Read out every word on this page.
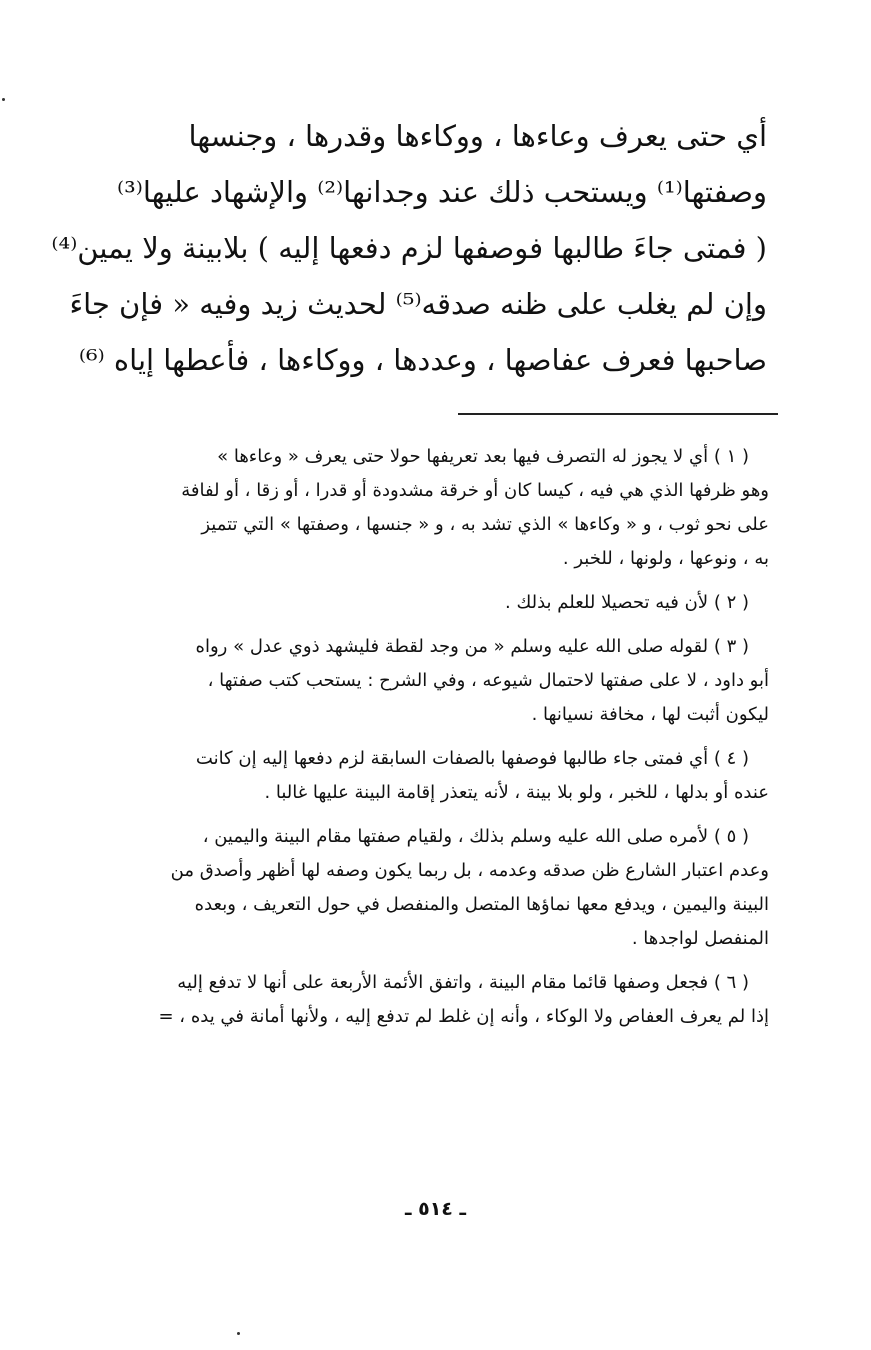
أي حتى يعرف وعاءها ، ووكاءها وقدرها ، وجنسها
وصفتها⁽¹⁾ ويستحب ذلك عند وجدانها⁽²⁾ والإشهاد عليها⁽³⁾
( فمتى جاءَ طالبها فوصفها لزم دفعها إليه ) بلابينة ولا يمين⁽⁴⁾
وإن لم يغلب على ظنه صدقه⁽⁵⁾ لحديث زيد وفيه « فإن جاءَ
صاحبها فعرف عفاصها ، وعددها ، ووكاءها ، فأعطها إياه ⁽⁶⁾
( ١ ) أي لا يجوز له التصرف فيها بعد تعريفها حولا حتى يعرف « وعاءها »
وهو ظرفها الذي هي فيه ، كيسا كان أو خرقة مشدودة أو قدرا ، أو زقا ، أو لفافة
على نحو ثوب ، و « وكاءها » الذي تشد به ، و « جنسها ، وصفتها » التي تتميز
به ، ونوعها ، ولونها ، للخبر .
( ٢ ) لأن فيه تحصيلا للعلم بذلك .
( ٣ ) لقوله صلى الله عليه وسلم « من وجد لقطة فليشهد ذوي عدل » رواه
أبو داود ، لا على صفتها لاحتمال شيوعه ، وفي الشرح : يستحب كتب صفتها ،
ليكون أثبت لها ، مخافة نسيانها .
( ٤ ) أي فمتى جاء طالبها فوصفها بالصفات السابقة لزم دفعها إليه إن كانت
عنده أو بدلها ، للخبر ، ولو بلا بينة ، لأنه يتعذر إقامة البينة عليها غالبا .
( ٥ ) لأمره صلى الله عليه وسلم بذلك ، ولقيام صفتها مقام البينة واليمين ،
وعدم اعتبار الشارع ظن صدقه وعدمه ، بل ربما يكون وصفه لها أظهر وأصدق من
البينة واليمين ، ويدفع معها نماؤها المتصل والمنفصل في حول التعريف ، وبعده
المنفصل لواجدها .
( ٦ ) فجعل وصفها قائما مقام البينة ، واتفق الأئمة الأربعة على أنها لا تدفع إليه
إذا لم يعرف العفاص ولا الوكاء ، وأنه إن غلط لم تدفع إليه ، ولأنها أمانة في يده ، =
ـ ٥١٤ ـ
